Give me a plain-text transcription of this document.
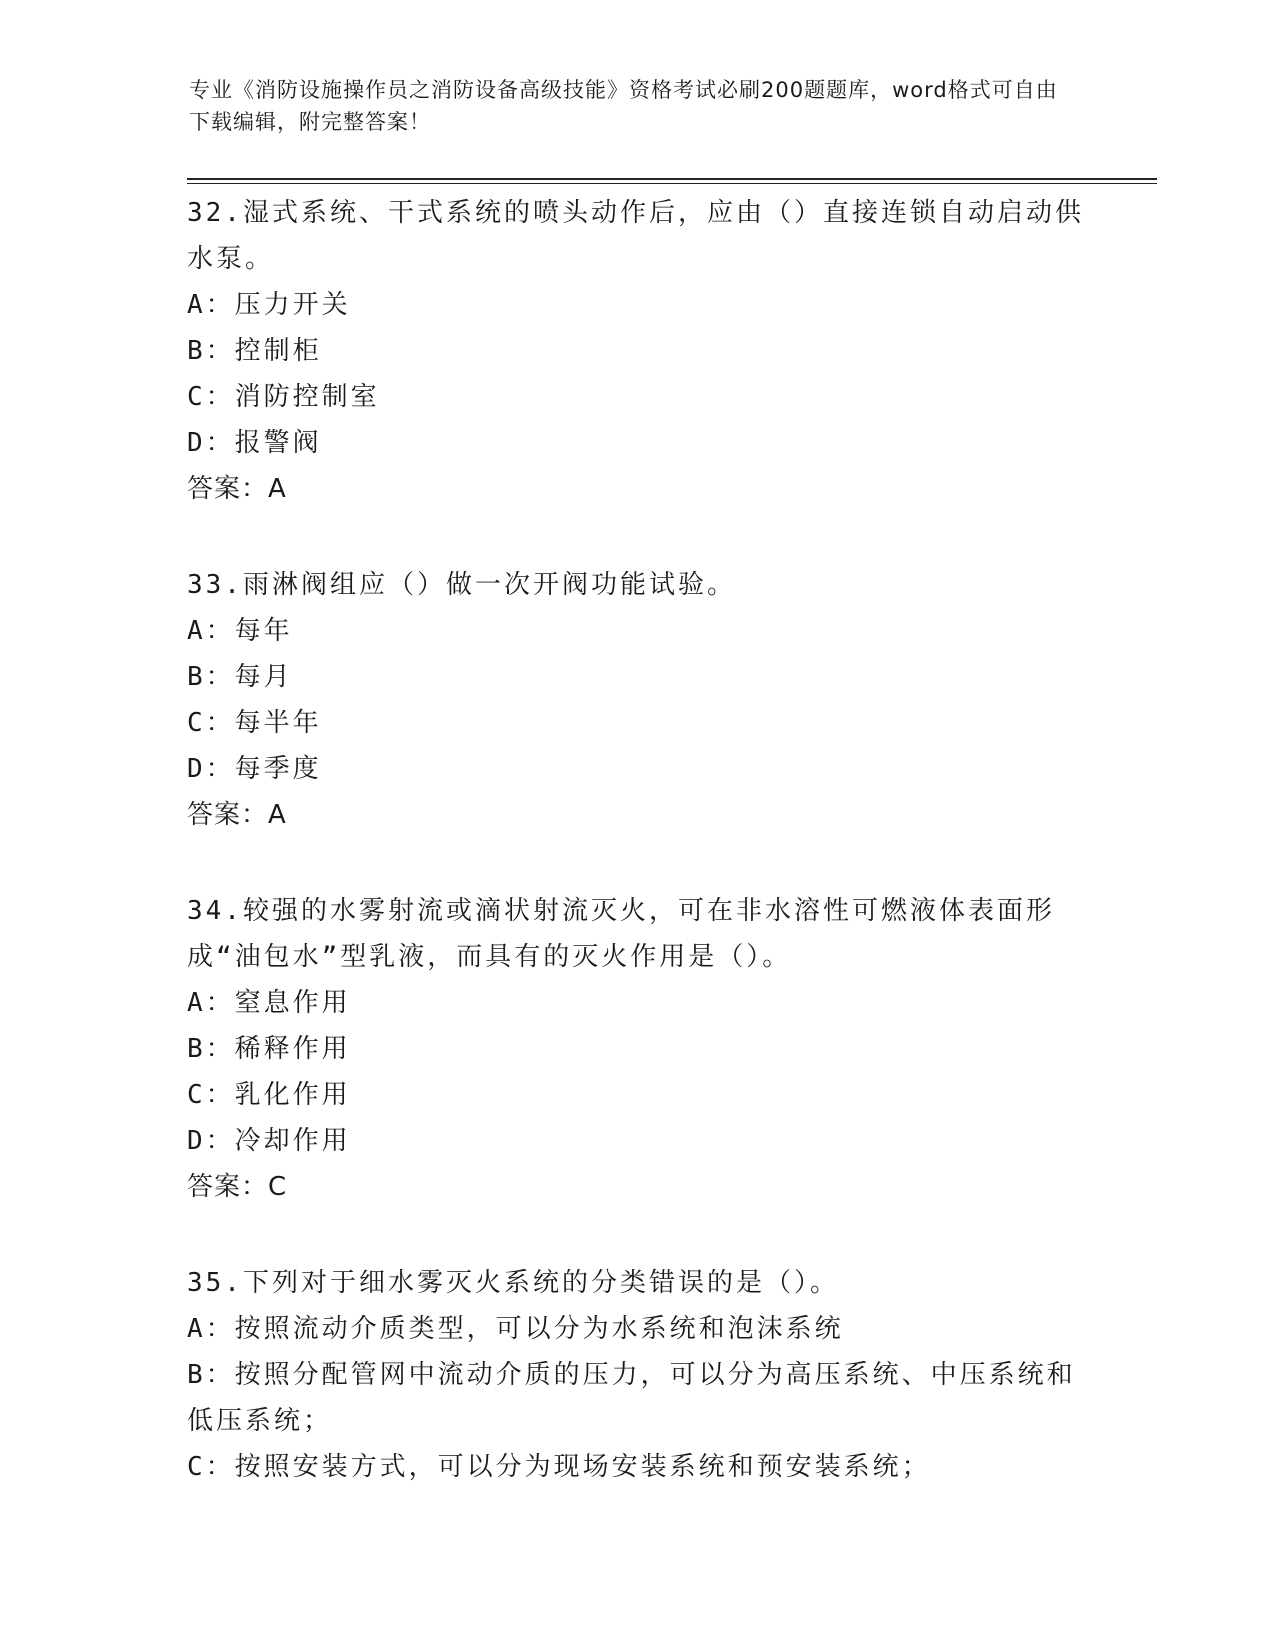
专业《消防设施操作员之消防设备高级技能》资格考试必刷200题题库，word格式可自由下载编辑，附完整答案！

32.湿式系统、干式系统的喷头动作后，应由（）直接连锁自动启动供水泵。

A：压力开关

B：控制柜

C：消防控制室

D：报警阀

答案：A

33.雨淋阀组应（）做一次开阀功能试验。

A：每年

B：每月

C：每半年

D：每季度

答案：A

34.较强的水雾射流或滴状射流灭火，可在非水溶性可燃液体表面形成“油包水”型乳液，而具有的灭火作用是（）。

A：窒息作用

B：稀释作用

C：乳化作用

D：冷却作用

答案：C

35.下列对于细水雾灭火系统的分类错误的是（）。

A：按照流动介质类型，可以分为水系统和泡沫系统

B：按照分配管网中流动介质的压力，可以分为高压系统、中压系统和低压系统；

C：按照安装方式，可以分为现场安装系统和预安装系统；
